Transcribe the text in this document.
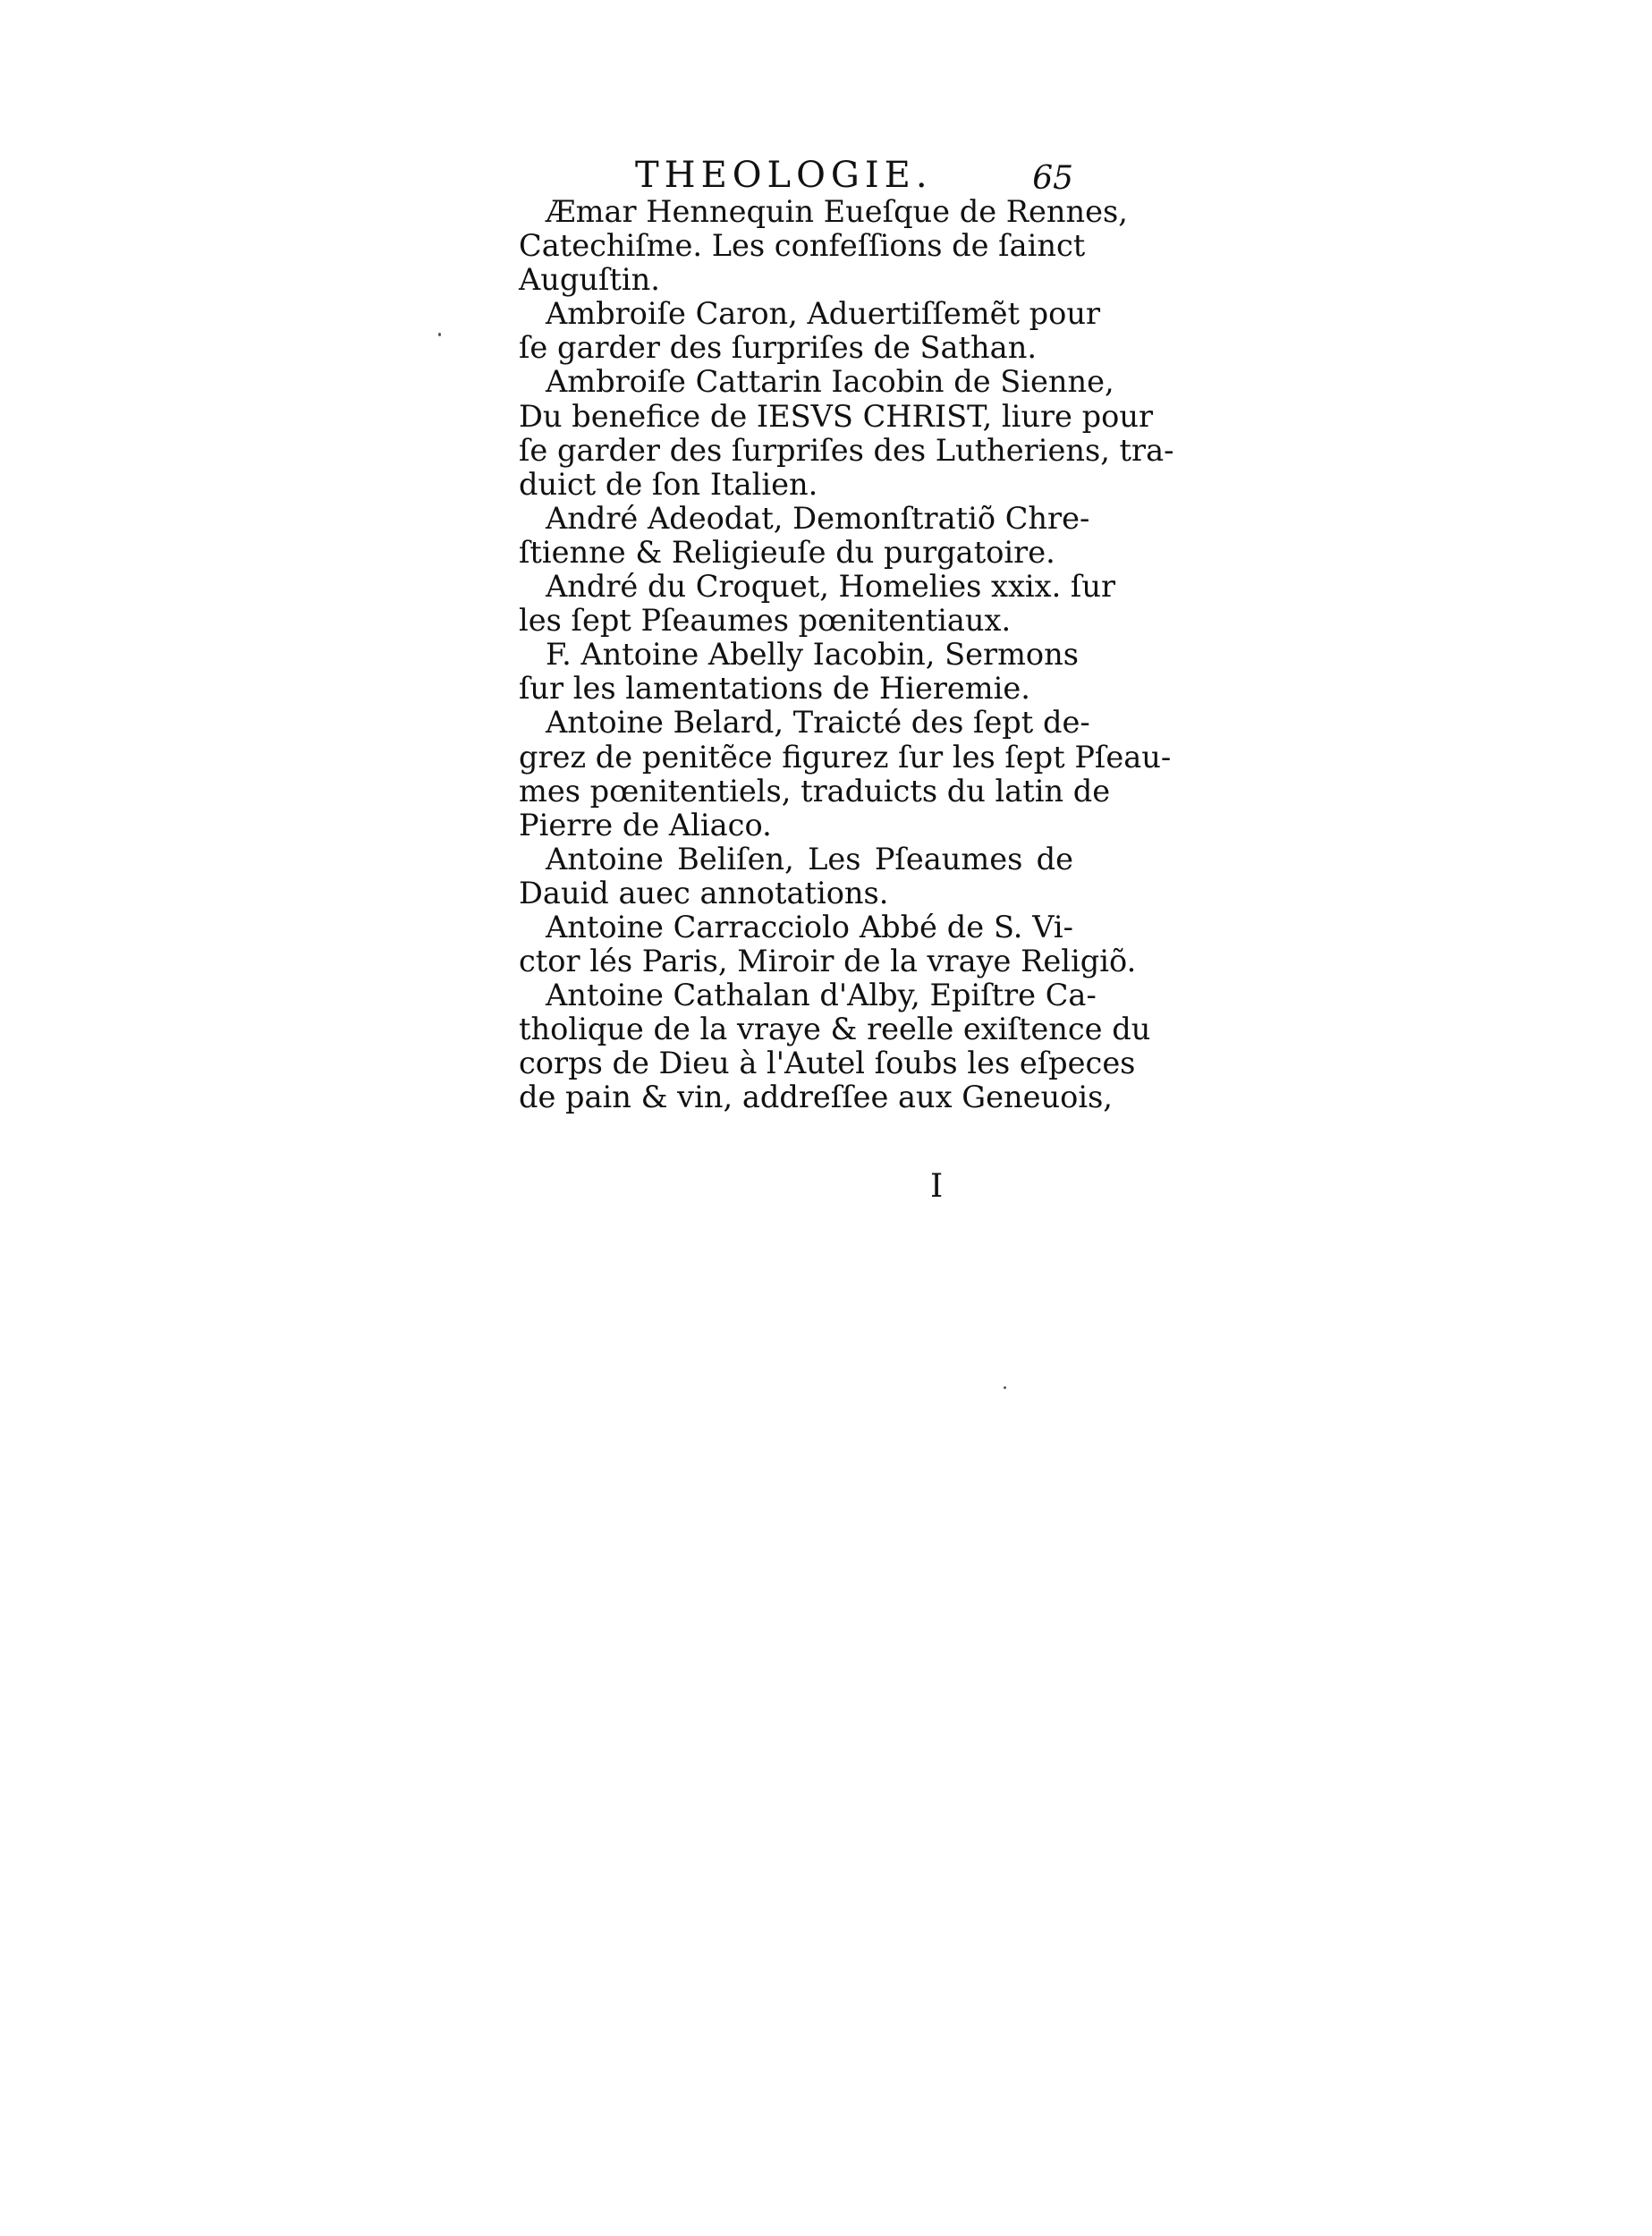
THEOLOGIE.	65
Æmar Hennequin Eueſque de Rennes,
Catechiſme. Les confeſſions de ſainct
Auguſtin.
Ambroiſe Caron, Aduertiſſemẽt pour
ſe garder des ſurpriſes de Sathan.
Ambroiſe Cattarin Iacobin de Sienne,
Du benefice de IESVS CHRIST, liure pour
ſe garder des ſurpriſes des Lutheriens, tra-
duict de ſon Italien.
André Adeodat, Demonſtratiõ Chre-
ſtienne & Religieuſe du purgatoire.
André du Croquet, Homelies xxix. ſur
les ſept Pſeaumes pœnitentiaux.
F. Antoine Abelly Iacobin, Sermons
ſur les lamentations de Hieremie.
Antoine Belard, Traicté des ſept de-
grez de penitẽce figurez ſur les ſept Pſeau-
mes pœnitentiels, traduicts du latin de
Pierre de Aliaco.
Antoine Beliſen, Les Pſeaumes de
Dauid auec annotations.
Antoine Carracciolo Abbé de S. Vi-
ctor lés Paris, Miroir de la vraye Religiõ.
Antoine Cathalan d'Alby, Epiſtre Ca-
tholique de la vraye & reelle exiſtence du
corps de Dieu à l'Autel ſoubs les eſpeces
de pain & vin, addreſſee aux Geneuois,
I
